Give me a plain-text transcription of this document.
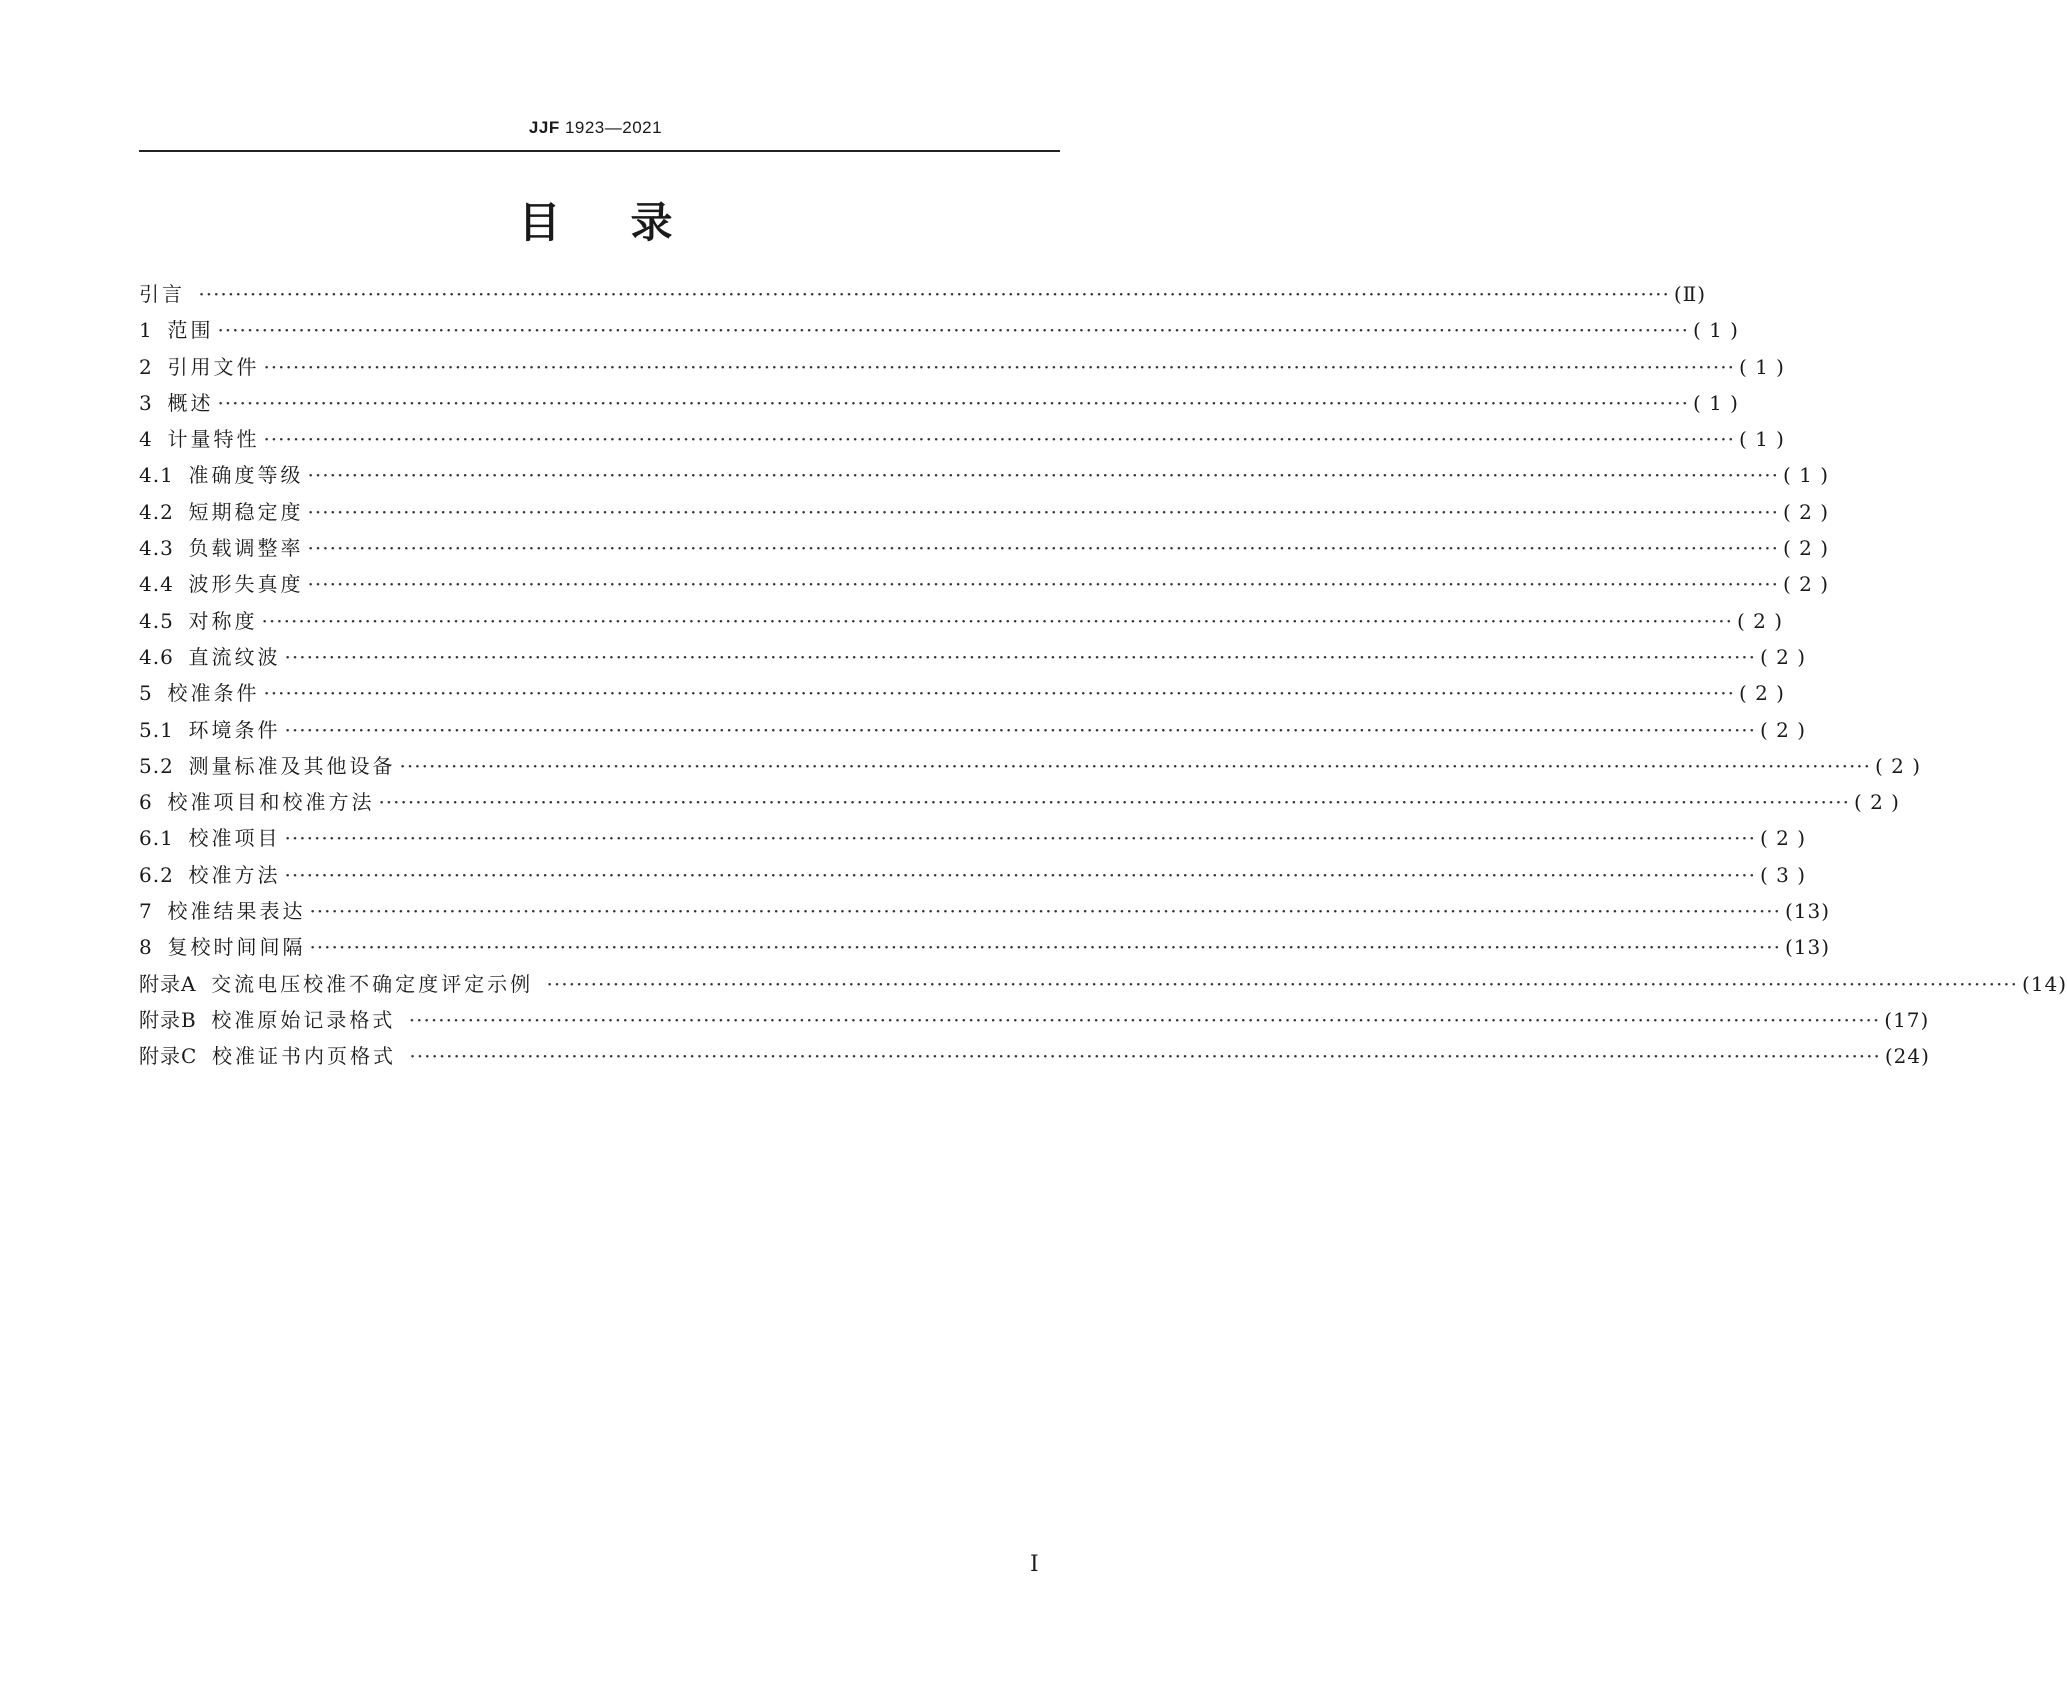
JJF 1923—2021
目 录
引言 ········································································································································································································ (Ⅱ)
1 范围 ········································································································································································································ ( 1 )
2 引用文件 ········································································································································································································ ( 1 )
3 概述 ········································································································································································································ ( 1 )
4 计量特性 ········································································································································································································ ( 1 )
4.1 准确度等级 ········································································································································································································ ( 1 )
4.2 短期稳定度 ········································································································································································································ ( 2 )
4.3 负载调整率 ········································································································································································································ ( 2 )
4.4 波形失真度 ········································································································································································································ ( 2 )
4.5 对称度 ········································································································································································································ ( 2 )
4.6 直流纹波 ········································································································································································································ ( 2 )
5 校准条件 ········································································································································································································ ( 2 )
5.1 环境条件 ········································································································································································································ ( 2 )
5.2 测量标准及其他设备 ········································································································································································································ ( 2 )
6 校准项目和校准方法 ········································································································································································································ ( 2 )
6.1 校准项目 ········································································································································································································ ( 2 )
6.2 校准方法 ········································································································································································································ ( 3 )
7 校准结果表达 ········································································································································································································ (13)
8 复校时间间隔 ········································································································································································································ (13)
附录A 交流电压校准不确定度评定示例 ········································································································································································································ (14)
附录B 校准原始记录格式 ········································································································································································································ (17)
附录C 校准证书内页格式 ········································································································································································································ (24)
Ⅰ
